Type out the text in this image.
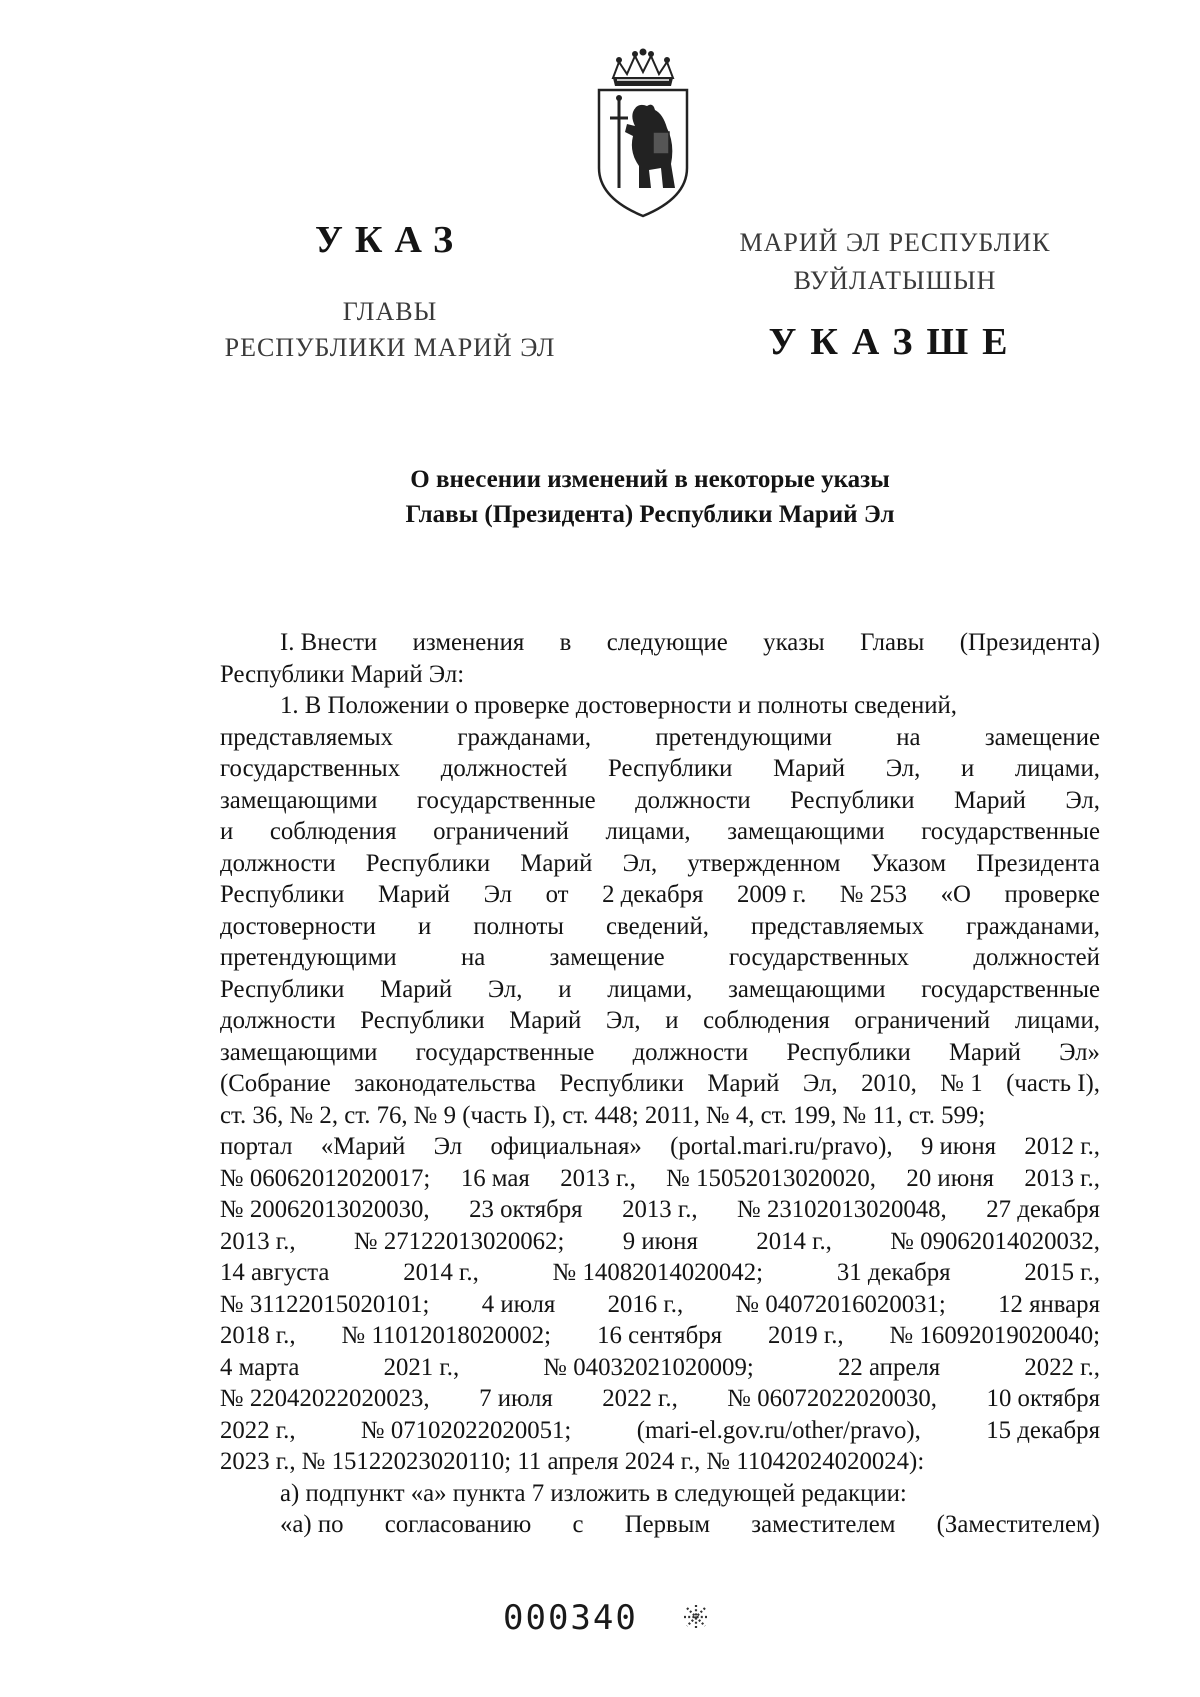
УКАЗ
ГЛАВЫ
РЕСПУБЛИКИ МАРИЙ ЭЛ
МАРИЙ ЭЛ РЕСПУБЛИК
ВУЙЛАТЫШЫН
УКАЗШЕ
О внесении изменений в некоторые указы
Главы (Президента) Республики Марий Эл
I. Внести изменения в следующие указы Главы (Президента)
Республики Марий Эл:
1. В Положении о проверке достоверности и полноты сведений,
представляемых	гражданами,	претендующими	на	замещение
государственных должностей Республики Марий Эл, и лицами,
замещающими государственные должности Республики Марий Эл,
и соблюдения ограничений лицами, замещающими государственные
должности Республики Марий Эл, утвержденном Указом Президента
Республики Марий Эл от 2 декабря 2009 г. № 253 «О проверке
достоверности и полноты сведений, представляемых гражданами,
претендующими	на	замещение	государственных	должностей
Республики Марий Эл, и лицами, замещающими государственные
должности Республики Марий Эл, и соблюдения ограничений лицами,
замещающими государственные должности Республики Марий Эл»
(Собрание законодательства Республики Марий Эл, 2010, № 1 (часть I),
ст. 36, № 2, ст. 76, № 9 (часть I), ст. 448; 2011, № 4, ст. 199, № 11, ст. 599;
портал «Марий Эл официальная» (portal.mari.ru/pravo), 9 июня 2012 г.,
№ 06062012020017; 16 мая 2013 г., № 15052013020020, 20 июня 2013 г.,
№ 20062013020030, 23 октября 2013 г., № 23102013020048, 27 декабря
2013 г., № 27122013020062; 9 июня 2014 г., № 09062014020032,
14 августа	2014 г.,	№ 14082014020042;	31 декабря	2015 г.,
№ 31122015020101; 4 июля 2016 г., № 04072016020031; 12 января
2018 г., № 11012018020002; 16 сентября 2019 г., № 16092019020040;
4 марта	2021 г.,	№ 04032021020009;	22 апреля	2022 г.,
№ 22042022020023, 7 июля 2022 г., № 06072022020030, 10 октября
2022 г.,	№ 07102022020051;	(mari-el.gov.ru/other/pravo),	15 декабря
2023 г., № 15122023020110; 11 апреля 2024 г., № 11042024020024):
а) подпункт «а» пункта 7 изложить в следующей редакции:
«а) по согласованию с Первым заместителем (Заместителем)
000340
